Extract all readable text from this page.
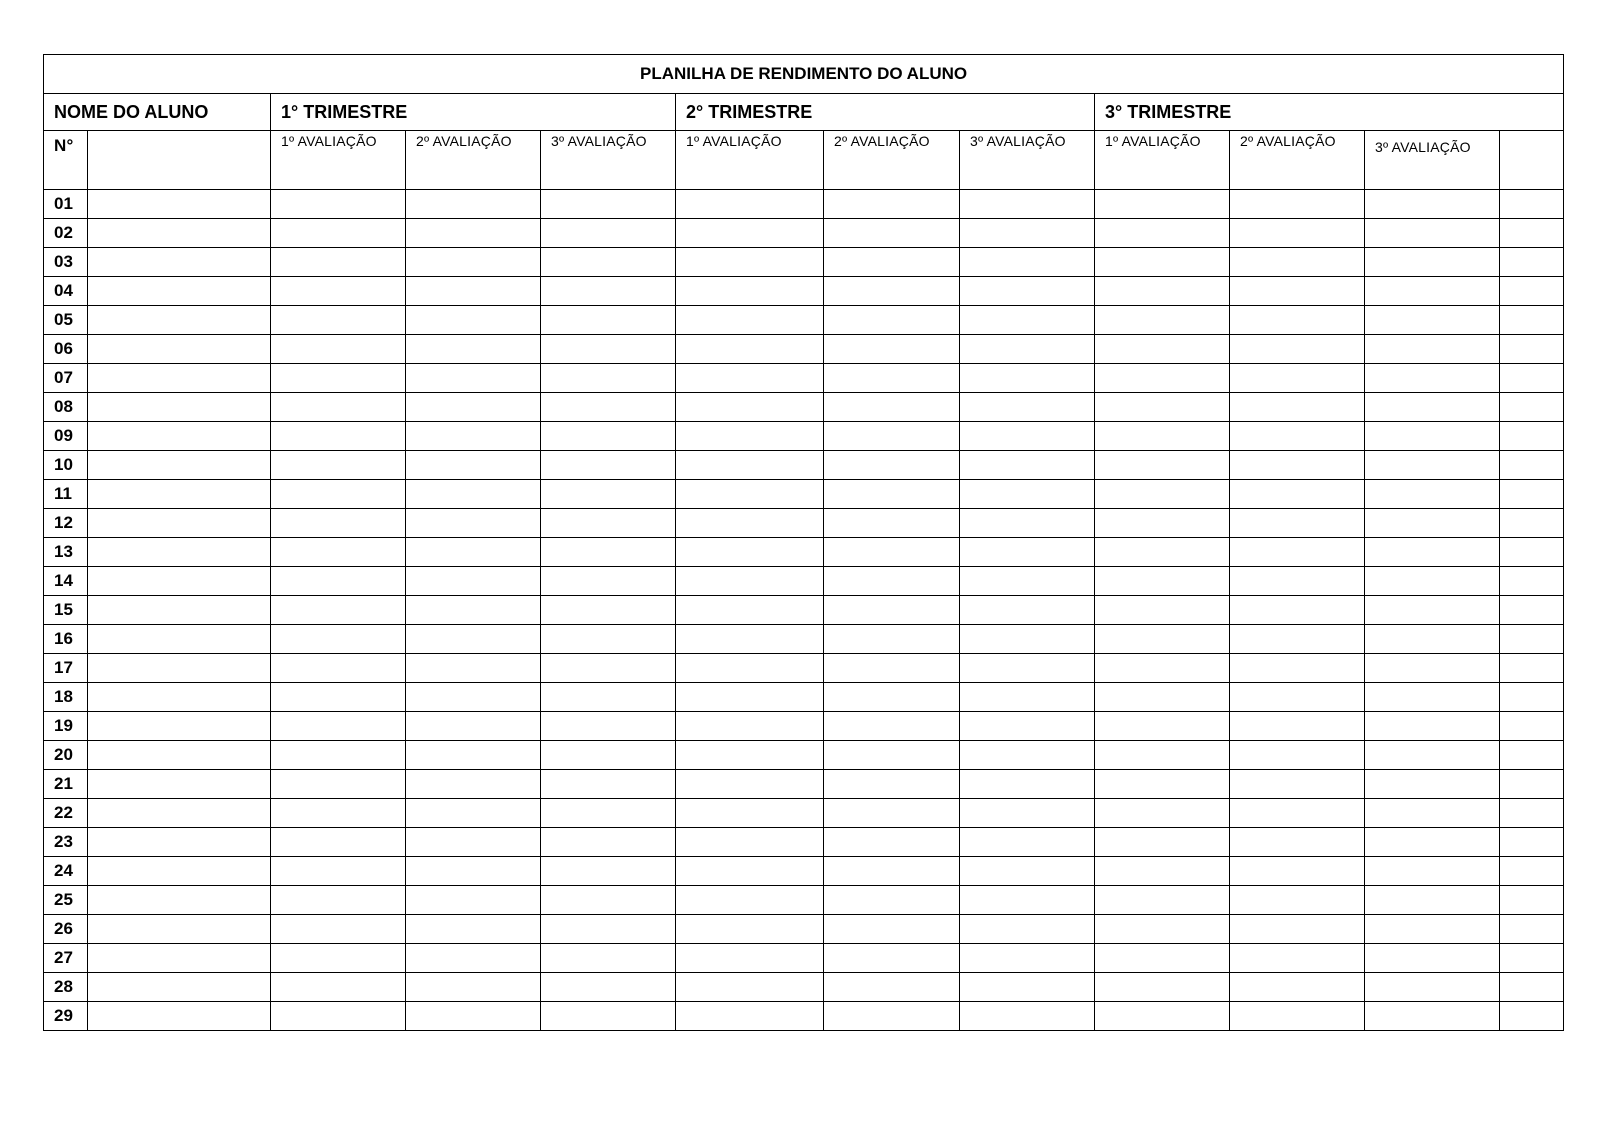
PLANILHA DE RENDIMENTO DO ALUNO											
NOME DO ALUNO		1° TRIMESTRE			2° TRIMESTRE			3° TRIMESTRE			
N°		1º AVALIAÇÃO	2º AVALIAÇÃO	3º AVALIAÇÃO	1º AVALIAÇÃO	2º AVALIAÇÃO	3º AVALIAÇÃO	1º AVALIAÇÃO	2º AVALIAÇÃO	3º AVALIAÇÃO	
01											
02											
03											
04											
05											
06											
07											
08											
09											
10											
11											
12											
13											
14											
15											
16											
17											
18											
19											
20											
21											
22											
23											
24											
25											
26											
27											
28											
29											
